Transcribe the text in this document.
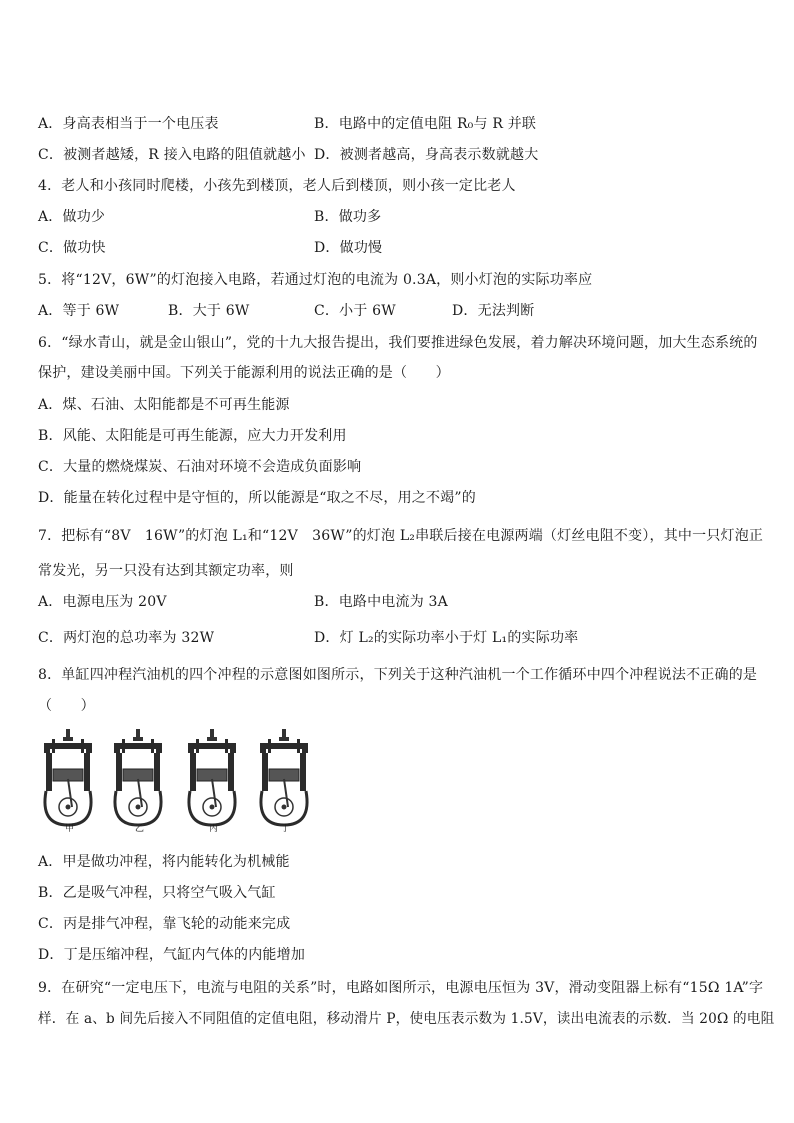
A．身高表相当于一个电压表	B．电路中的定值电阻 R₀与 R 并联
C．被测者越矮，R 接入电路的阻值就越小 D．被测者越高，身高表示数就越大
4．老人和小孩同时爬楼，小孩先到楼顶，老人后到楼顶，则小孩一定比老人
A．做功少	B．做功多
C．做功快	D．做功慢
5．将“12V，6W”的灯泡接入电路，若通过灯泡的电流为 0.3A，则小灯泡的实际功率应
A．等于 6W	B．大于 6W	C．小于 6W	D．无法判断
6．“绿水青山，就是金山银山”，党的十九大报告提出，我们要推进绿色发展，着力解决环境问题，加大生态系统的
保护，建设美丽中国。下列关于能源利用的说法正确的是（　　）
A．煤、石油、太阳能都是不可再生能源
B．风能、太阳能是可再生能源，应大力开发利用
C．大量的燃烧煤炭、石油对环境不会造成负面影响
D．能量在转化过程中是守恒的，所以能源是“取之不尽，用之不竭”的
7．把标有“8V　16W”的灯泡 L₁和“12V　36W”的灯泡 L₂串联后接在电源两端（灯丝电阻不变），其中一只灯泡正
常发光，另一只没有达到其额定功率，则
A．电源电压为 20V	B．电路中电流为 3A
C．两灯泡的总功率为 32W	D．灯 L₂的实际功率小于灯 L₁的实际功率
8．单缸四冲程汽油机的四个冲程的示意图如图所示，下列关于这种汽油机一个工作循环中四个冲程说法不正确的是
（　　）
甲	乙	丙	丁
A．甲是做功冲程，将内能转化为机械能
B．乙是吸气冲程，只将空气吸入气缸
C．丙是排气冲程，靠飞轮的动能来完成
D．丁是压缩冲程，气缸内气体的内能增加
9．在研究“一定电压下，电流与电阻的关系”时，电路如图所示，电源电压恒为 3V，滑动变阻器上标有“15Ω 1A”字
样．在 a、b 间先后接入不同阻值的定值电阻，移动滑片 P，使电压表示数为 1.5V，读出电流表的示数．当 20Ω 的电阻
